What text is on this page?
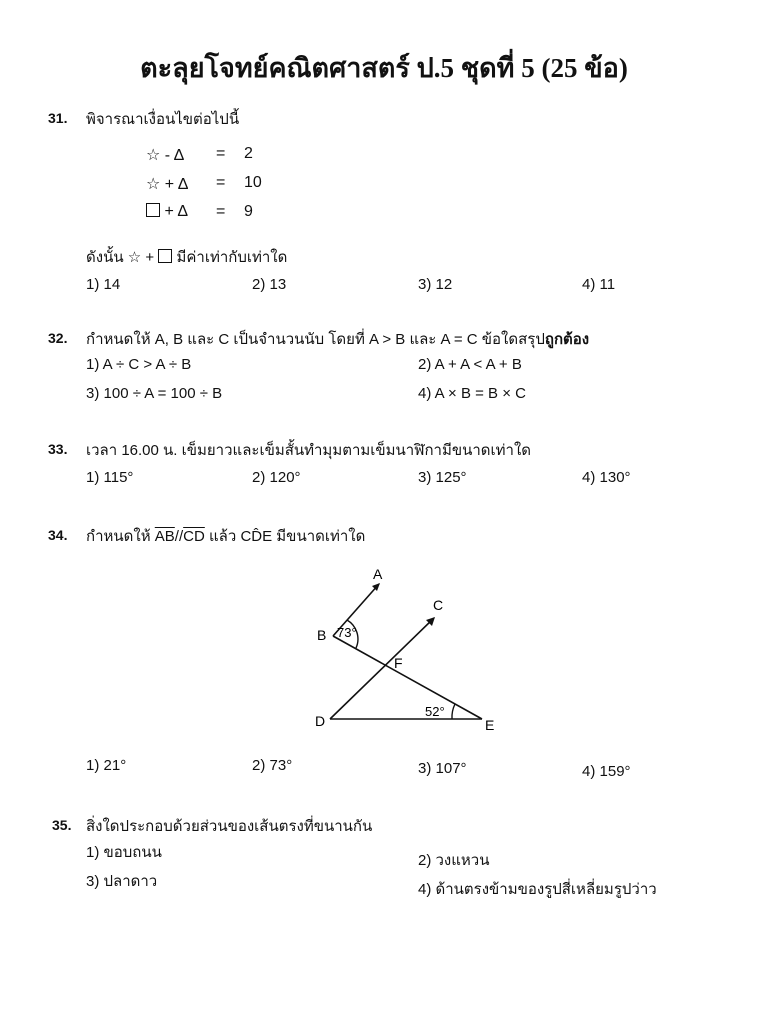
ตะลุยโจทย์คณิตศาสตร์ ป.5 ชุดที่ 5 (25 ข้อ)
31. พิจารณาเงื่อนไขต่อไปนี้
☆ - Δ = 2
☆ + Δ = 10
+ Δ = 9
ดังนั้น ☆ + มีค่าเท่ากับเท่าใด
1) 14	2) 13	3) 12	4) 11
32. กำหนดให้ A, B และ C เป็นจำนวนนับ โดยที่ A > B และ A = C ข้อใดสรุปถูกต้อง
1) A ÷ C > A ÷ B	2) A + A < A + B
3) 100 ÷ A = 100 ÷ B	4) A × B = B × C
33. เวลา 16.00 น. เข็มยาวและเข็มสั้นทำมุมตามเข็มนาฬิกามีขนาดเท่าใด
1) 115°	2) 120°	3) 125°	4) 130°
34. กำหนดให้ $\overline{AB}//\overline{CD}$ แล้ว CD̂E มีขนาดเท่าใด
A
B
C
D	E
F
73°
52°
1) 21°	2) 73°	3) 107°	4) 159°
35. สิ่งใดประกอบด้วยส่วนของเส้นตรงที่ขนานกัน
1) ขอบถนน	2) วงแหวน
3) ปลาดาว	4) ด้านตรงข้ามของรูปสี่เหลี่ยมรูปว่าว
